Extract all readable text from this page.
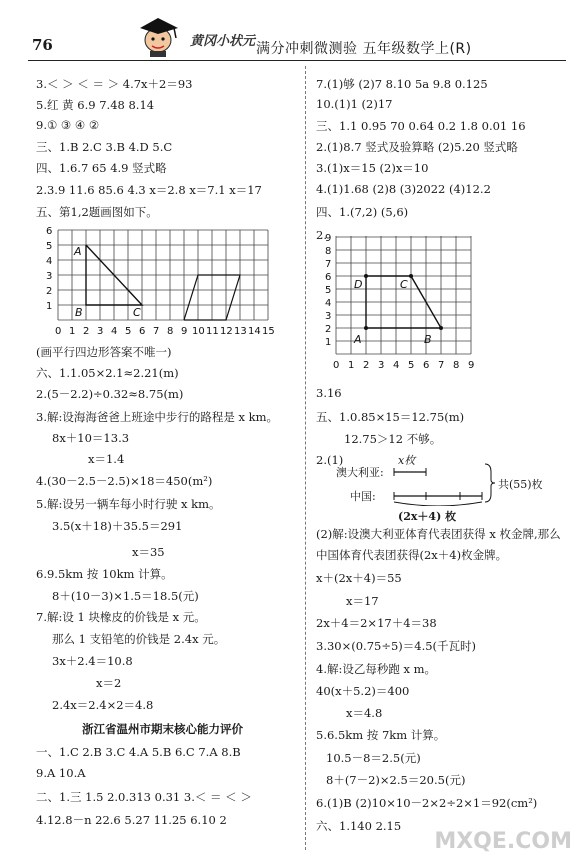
76	黄冈小状元 满分冲刺微测验 五年级数学上(R)
3.＜ ＞ ＜ ＝ ＞ 4.7x＋2＝93
5.红 黄 6.9 7.48 8.14
9.① ③ ④ ②
三、1.B 2.C 3.B 4.D 5.C
四、1.6.7 65 4.9 竖式略
2.3.9 11.6 85.6 4.3 x＝2.8 x＝7.1 x＝17
五、第1,2题画图如下。
0 1 2 3 4 5 6 7 8 9 10 11 12 13 14 15
1
2
3
4
5
6
A
B	C
(画平行四边形答案不唯一)
六、1.1.05×2.1≈2.21(m)
2.(5－2.2)÷0.32≈8.75(m)
3.解:设海海爸爸上班途中步行的路程是 x km。
8x＋10＝13.3
x＝1.4
4.(30－2.5－2.5)×18＝450(m²)
5.解:设另一辆车每小时行驶 x km。
3.5(x＋18)＋35.5＝291
x＝35
6.9.5km 按 10km 计算。
8＋(10－3)×1.5＝18.5(元)
7.解:设 1 块橡皮的价钱是 x 元。
那么 1 支铅笔的价钱是 2.4x 元。
3x＋2.4＝10.8
x＝2
2.4x＝2.4×2＝4.8
浙江省温州市期末核心能力评价
一、1.C 2.B 3.C 4.A 5.B 6.C 7.A 8.B
9.A 10.A
二、1.三 1.5 2.0.313 0.31 3.＜ ＝ ＜ ＞
4.12.8－n 22.6 5.27 11.25 6.10 2
7.(1)够 (2)7 8.10 5a 9.8 0.125
10.(1)1 (2)17
三、1.1 0.95 70 0.64 0.2 1.8 0.01 16
2.(1)8.7 竖式及验算略 (2)5.20 竖式略
3.(1)x＝15 (2)x＝10
4.(1)1.68 (2)8 (3)2022 (4)12.2
四、1.(7,2) (5,6)
2.
0 1 2 3 4 5 6 7 8 9
1
2
3
4
5
6
7
8
9
A	B
C
D
3.16
五、1.0.85×15＝12.75(m)
12.75＞12 不够。
2.(1)	x枚
澳大利亚:
中国:
共(55)枚
(2x＋4) 枚
(2)解:设澳大利亚体育代表团获得 x 枚金牌,那么
中国体育代表团获得(2x＋4)枚金牌。
x＋(2x＋4)＝55
x＝17
2x＋4＝2×17＋4＝38
3.30×(0.75÷5)＝4.5(千瓦时)
4.解:设乙每秒跑 x m。
40(x＋5.2)＝400
x＝4.8
5.6.5km 按 7km 计算。
10.5－8＝2.5(元)
8＋(7－2)×2.5＝20.5(元)
6.(1)B (2)10×10－2×2÷2×1＝92(cm²)
六、1.140 2.15
MXQE.COM
